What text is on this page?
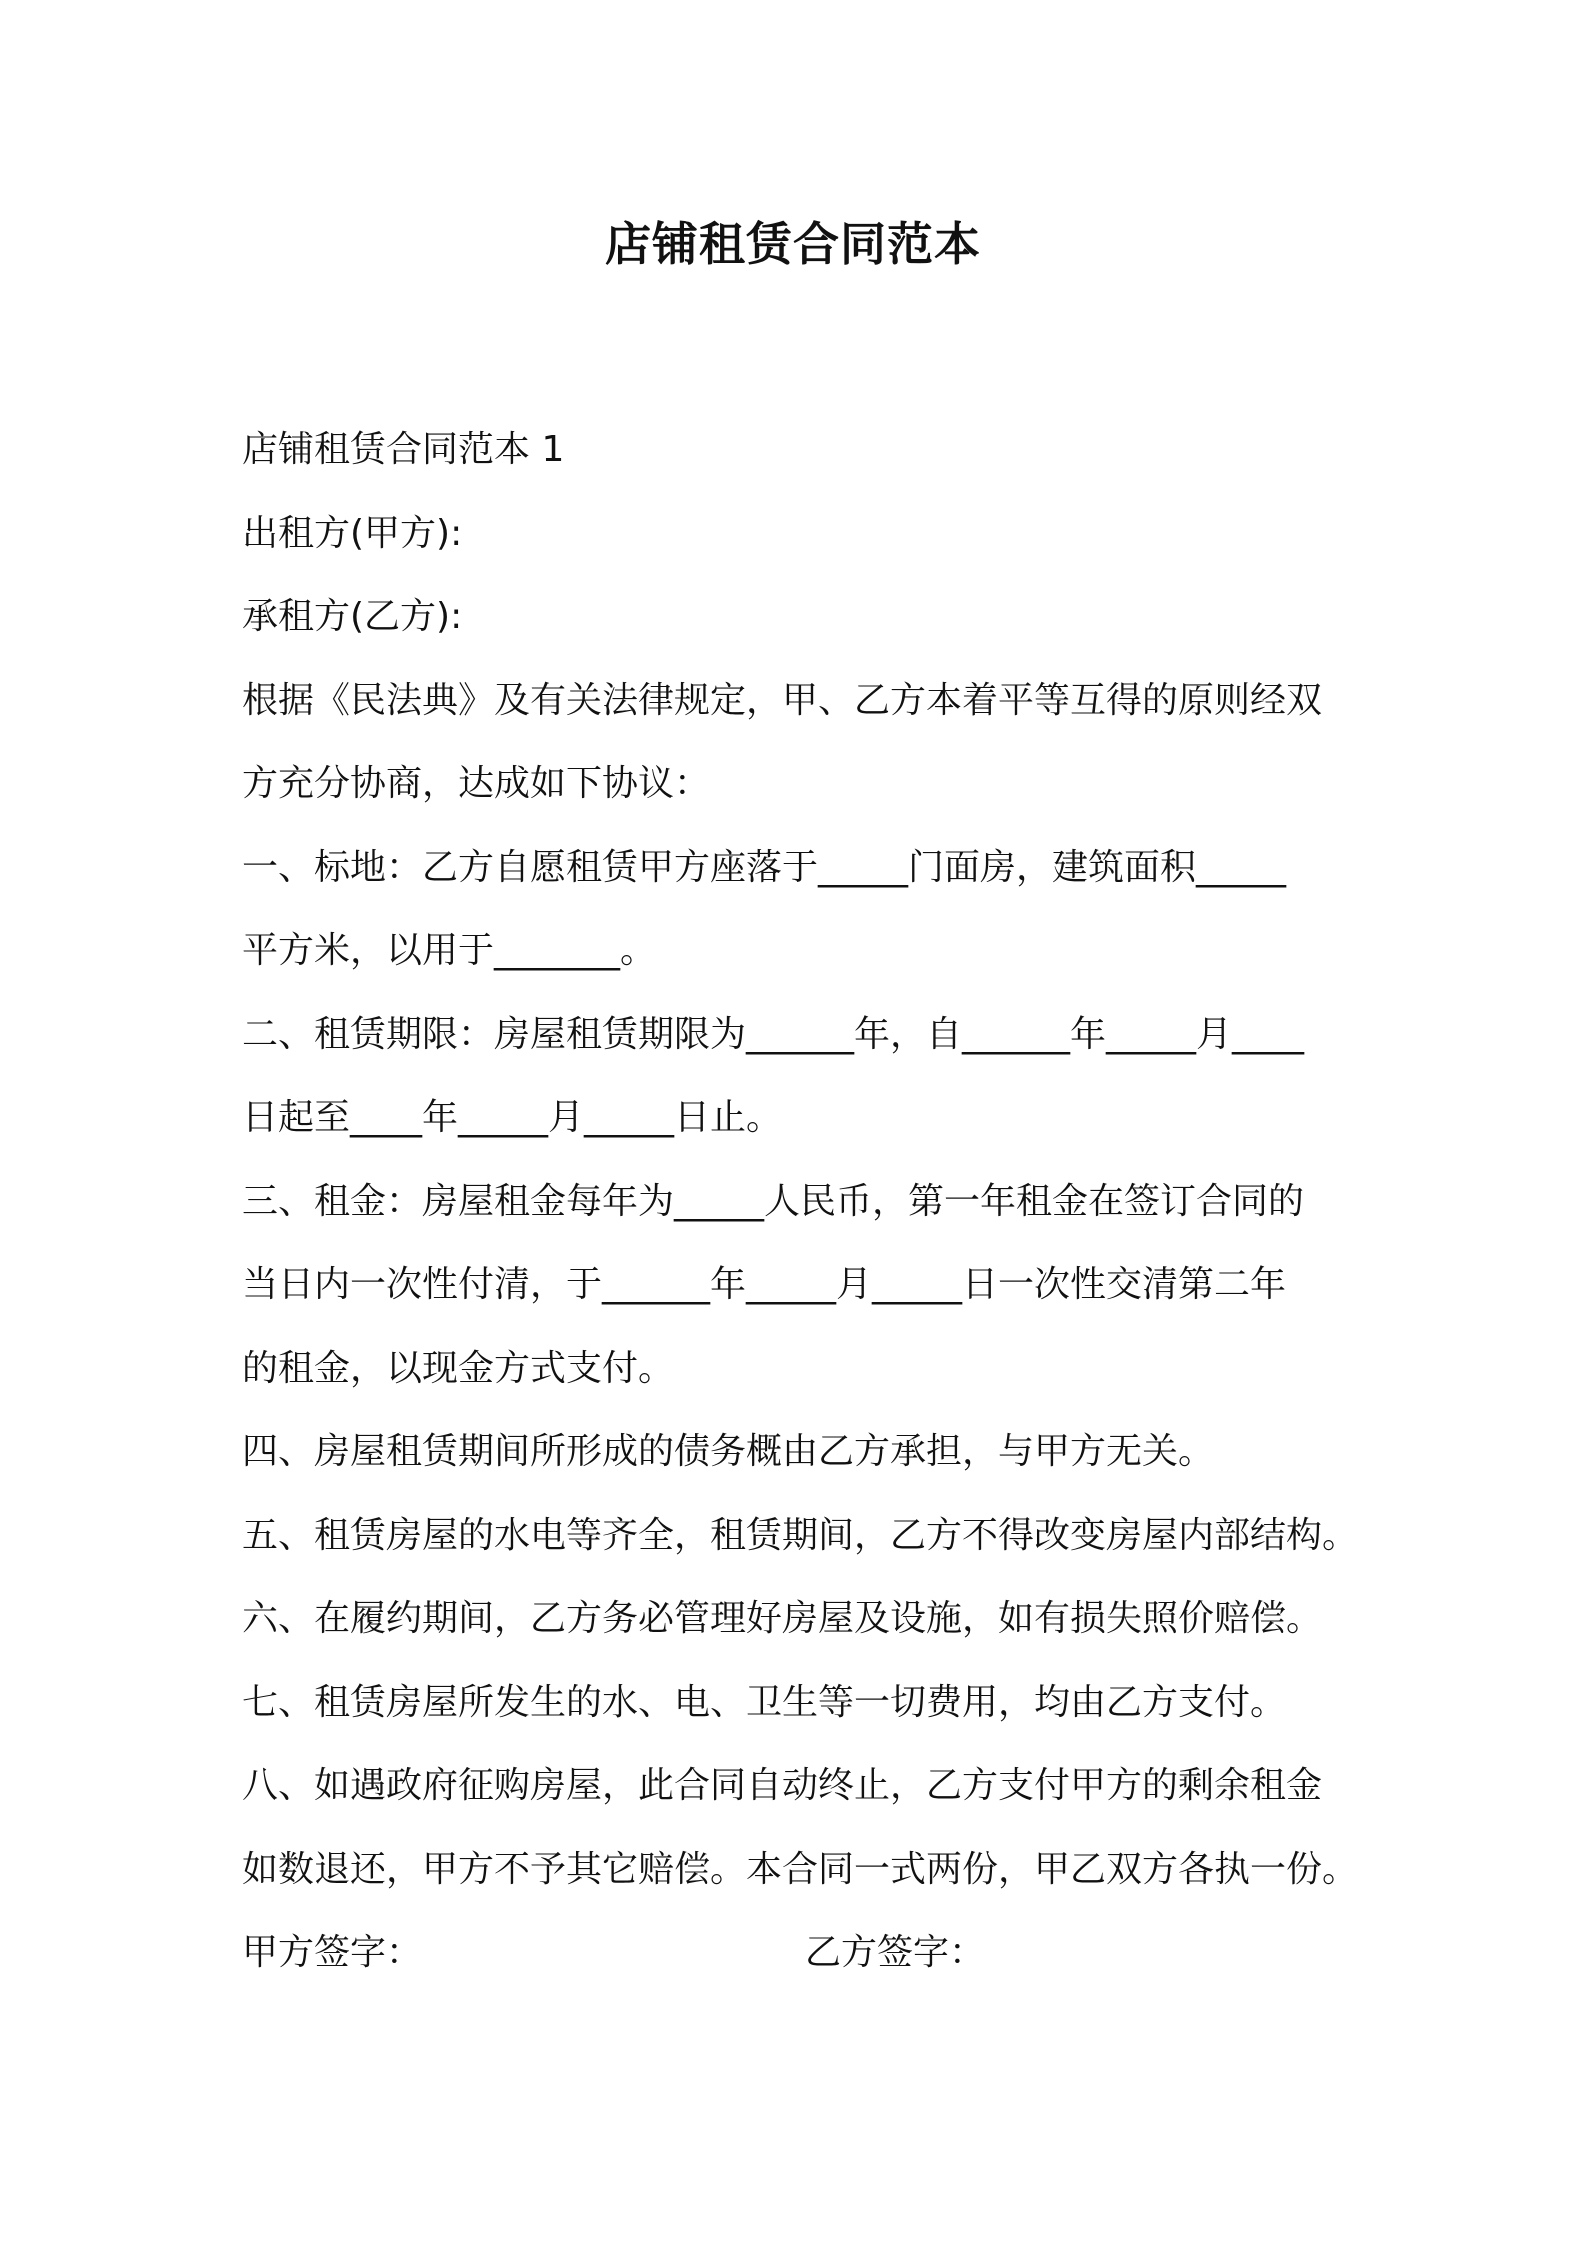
店铺租赁合同范本
店铺租赁合同范本 1
出租方(甲方):
承租方(乙方):
根据《民法典》及有关法律规定，甲、乙方本着平等互得的原则经双
方充分协商，达成如下协议：
一、标地：乙方自愿租赁甲方座落于_____门面房，建筑面积_____
平方米，以用于_______。
二、租赁期限：房屋租赁期限为______年，自______年_____月____
日起至____年_____月_____日止。
三、租金：房屋租金每年为_____人民币，第一年租金在签订合同的
当日内一次性付清，于______年_____月_____日一次性交清第二年
的租金，以现金方式支付。
四、房屋租赁期间所形成的债务概由乙方承担，与甲方无关。
五、租赁房屋的水电等齐全，租赁期间，乙方不得改变房屋内部结构。
六、在履约期间，乙方务必管理好房屋及设施，如有损失照价赔偿。
七、租赁房屋所发生的水、电、卫生等一切费用，均由乙方支付。
八、如遇政府征购房屋，此合同自动终止，乙方支付甲方的剩余租金
如数退还，甲方不予其它赔偿。本合同一式两份，甲乙双方各执一份。
甲方签字：	乙方签字：
